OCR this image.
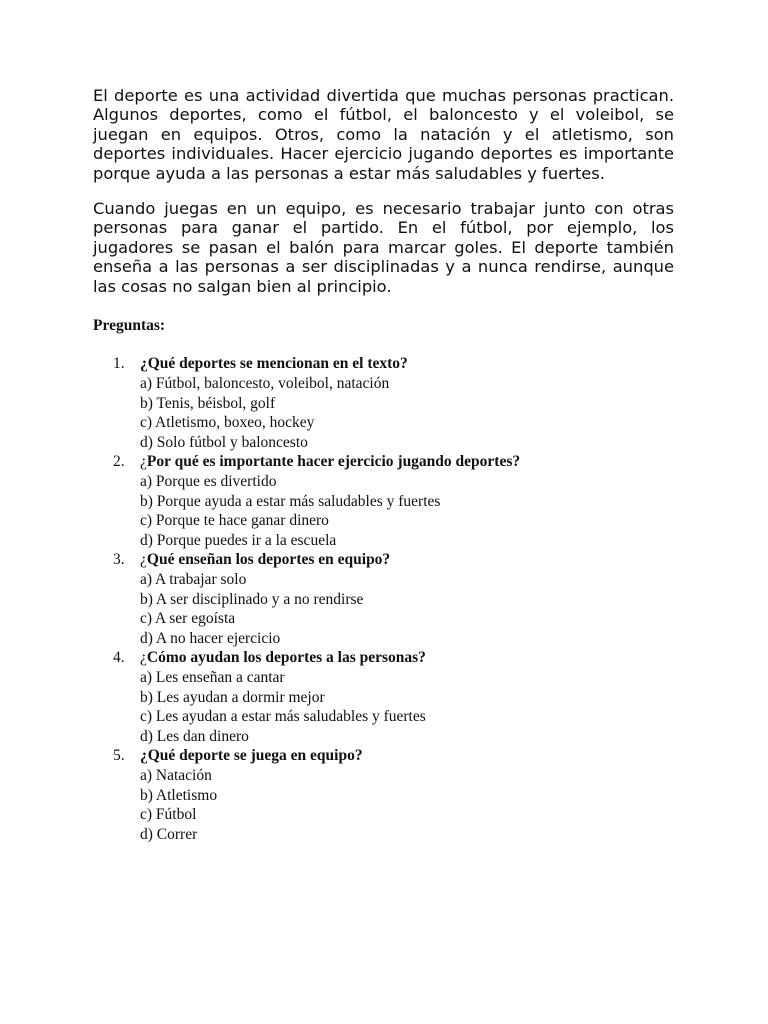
El deporte es una actividad divertida que muchas personas practican. Algunos deportes, como el fútbol, el baloncesto y el voleibol, se juegan en equipos. Otros, como la natación y el atletismo, son deportes individuales. Hacer ejercicio jugando deportes es importante porque ayuda a las personas a estar más saludables y fuertes.

Cuando juegas en un equipo, es necesario trabajar junto con otras personas para ganar el partido. En el fútbol, por ejemplo, los jugadores se pasan el balón para marcar goles. El deporte también enseña a las personas a ser disciplinadas y a nunca rendirse, aunque las cosas no salgan bien al principio.

Preguntas:

1. ¿Qué deportes se mencionan en el texto?
a) Fútbol, baloncesto, voleibol, natación
b) Tenis, béisbol, golf
c) Atletismo, boxeo, hockey
d) Solo fútbol y baloncesto
2. ¿Por qué es importante hacer ejercicio jugando deportes?
a) Porque es divertido
b) Porque ayuda a estar más saludables y fuertes
c) Porque te hace ganar dinero
d) Porque puedes ir a la escuela
3. ¿Qué enseñan los deportes en equipo?
a) A trabajar solo
b) A ser disciplinado y a no rendirse
c) A ser egoísta
d) A no hacer ejercicio
4. ¿Cómo ayudan los deportes a las personas?
a) Les enseñan a cantar
b) Les ayudan a dormir mejor
c) Les ayudan a estar más saludables y fuertes
d) Les dan dinero
5. ¿Qué deporte se juega en equipo?
a) Natación
b) Atletismo
c) Fútbol
d) Correr
